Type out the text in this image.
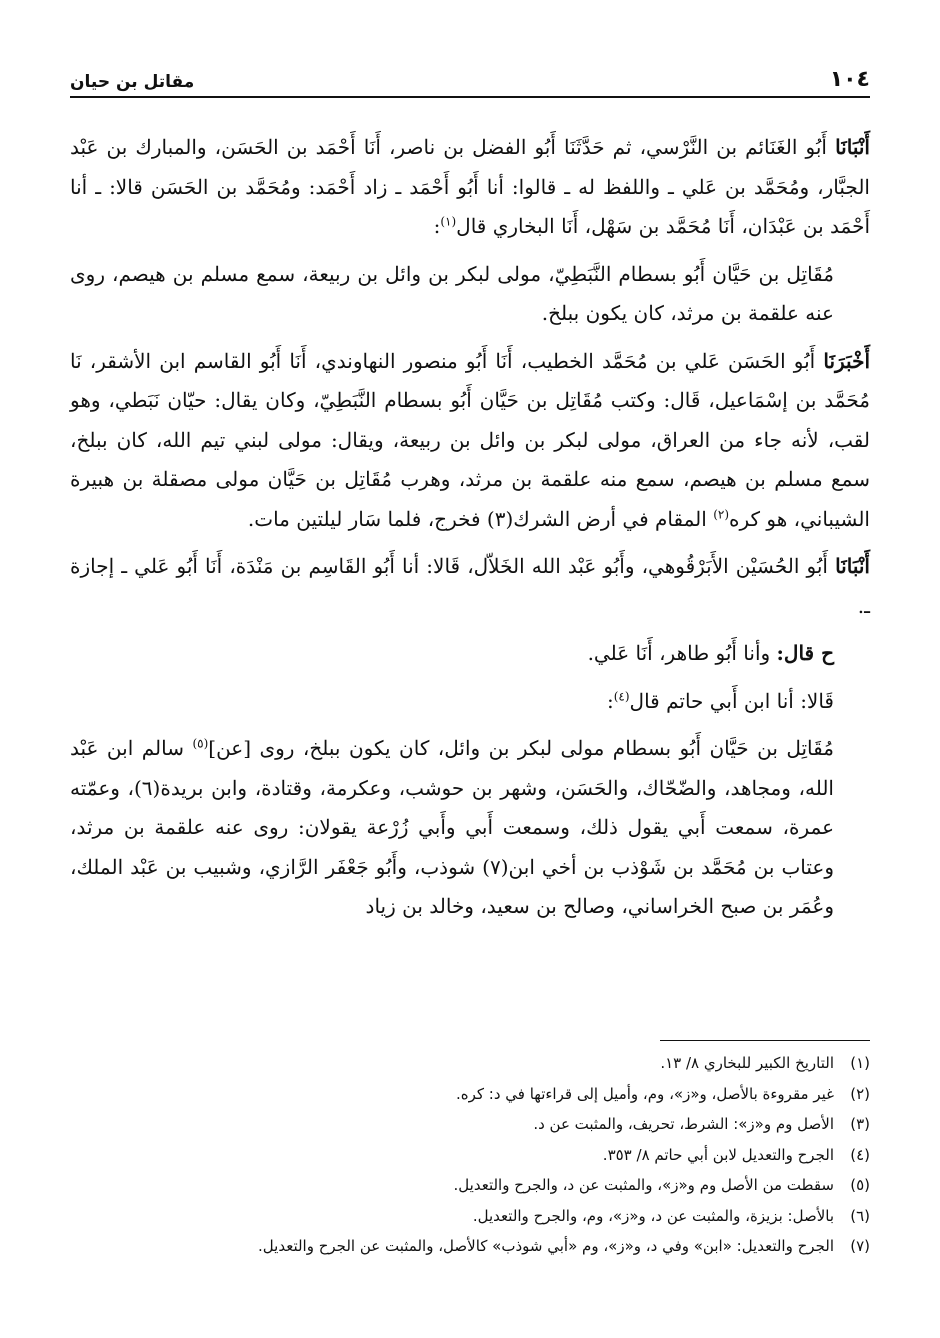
١٠٤
مقاتل بن حيان

أَنْبَانَا أَبُو الغَنَائم بن النَّرْسي، ثم حَدَّثَنَا أَبُو الفضل بن ناصر، أَنَا أَحْمَد بن الحَسَن، والمبارك بن عَبْد الجبَّار، ومُحَمَّد بن عَلي ـ واللفظ له ـ قالوا: أنا أَبُو أَحْمَد ـ زاد أَحْمَد: ومُحَمَّد بن الحَسَن قالا: ـ أنا أَحْمَد بن عَبْدَان، أَنَا مُحَمَّد بن سَهْل، أَنَا البخاري قال$^{(١)}$:

مُقَاتِل بن حَيَّان أَبُو بسطام النَّبَطِيّ، مولى لبكر بن وائل بن ربيعة، سمع مسلم بن هيصم، روى عنه علقمة بن مرثد، كان يكون ببلخ.

أَخْبَرَنَا أَبُو الحَسَن عَلي بن مُحَمَّد الخطيب، أَنَا أَبُو منصور النهاوندي، أَنَا أَبُو القاسم ابن الأشقر، نَا مُحَمَّد بن إسْمَاعيل، قَال: وكتب مُقَاتِل بن حَيَّان أَبُو بسطام النَّبَطِيّ، وكان يقال: حيّان نَبَطي، وهو لقب، لأنه جاء من العراق، مولى لبكر بن وائل بن ربيعة، ويقال: مولى لبني تيم الله، كان ببلخ، سمع مسلم بن هيصم، سمع منه علقمة بن مرثد، وهرب مُقَاتِل بن حَيَّان مولى مصقلة بن هبيرة الشيباني، هو كره$^{(٢)}$ المقام في أرض الشرك(٣) فخرج، فلما سَار ليلتين مات.

أَنْبَانَا أَبُو الحُسَيْن الأَبَرْقُوهي، وأَبُو عَبْد الله الخَلاّل، قَالا: أنا أَبُو القَاسِم بن مَنْدَة، أَنَا أَبُو عَلي ـ إجازة ـ.

ح قال: وأنا أَبُو طاهر، أَنَا عَلي.

قَالا: أنا ابن أَبي حاتم قال$^{(٤)}$:

مُقَاتِل بن حَيَّان أَبُو بسطام مولى لبكر بن وائل، كان يكون ببلخ، روى [عن]$^{(٥)}$ سالم ابن عَبْد الله، ومجاهد، والضّحّاك، والحَسَن، وشهر بن حوشب، وعكرمة، وقتادة، وابن بريدة(٦)، وعمّته عمرة، سمعت أَبي يقول ذلك، وسمعت أَبي وأَبي زُرْعة يقولان: روى عنه علقمة بن مرثد، وعتاب بن مُحَمَّد بن شَوْذب بن أخي ابن(٧) شوذب، وأَبُو جَعْفَر الرَّازي، وشبيب بن عَبْد الملك، وعُمَر بن صبح الخراساني، وصالح بن سعيد، وخالد بن زياد

(١)
التاريخ الكبير للبخاري ٨/ ١٣.
(٢)
غير مقروءة بالأصل، و«ز»، وم، وأميل إلى قراءتها في د: كره.
(٣)
الأصل وم و«ز»: الشرط، تحريف، والمثبت عن د.
(٤)
الجرح والتعديل لابن أبي حاتم ٨/ ٣٥٣.
(٥)
سقطت من الأصل وم و«ز»، والمثبت عن د، والجرح والتعديل.
(٦)
بالأصل: بزيزة، والمثبت عن د، و«ز»، وم، والجرح والتعديل.
(٧)
الجرح والتعديل: «ابن» وفي د، و«ز»، وم «أبي شوذب» كالأصل، والمثبت عن الجرح والتعديل.
